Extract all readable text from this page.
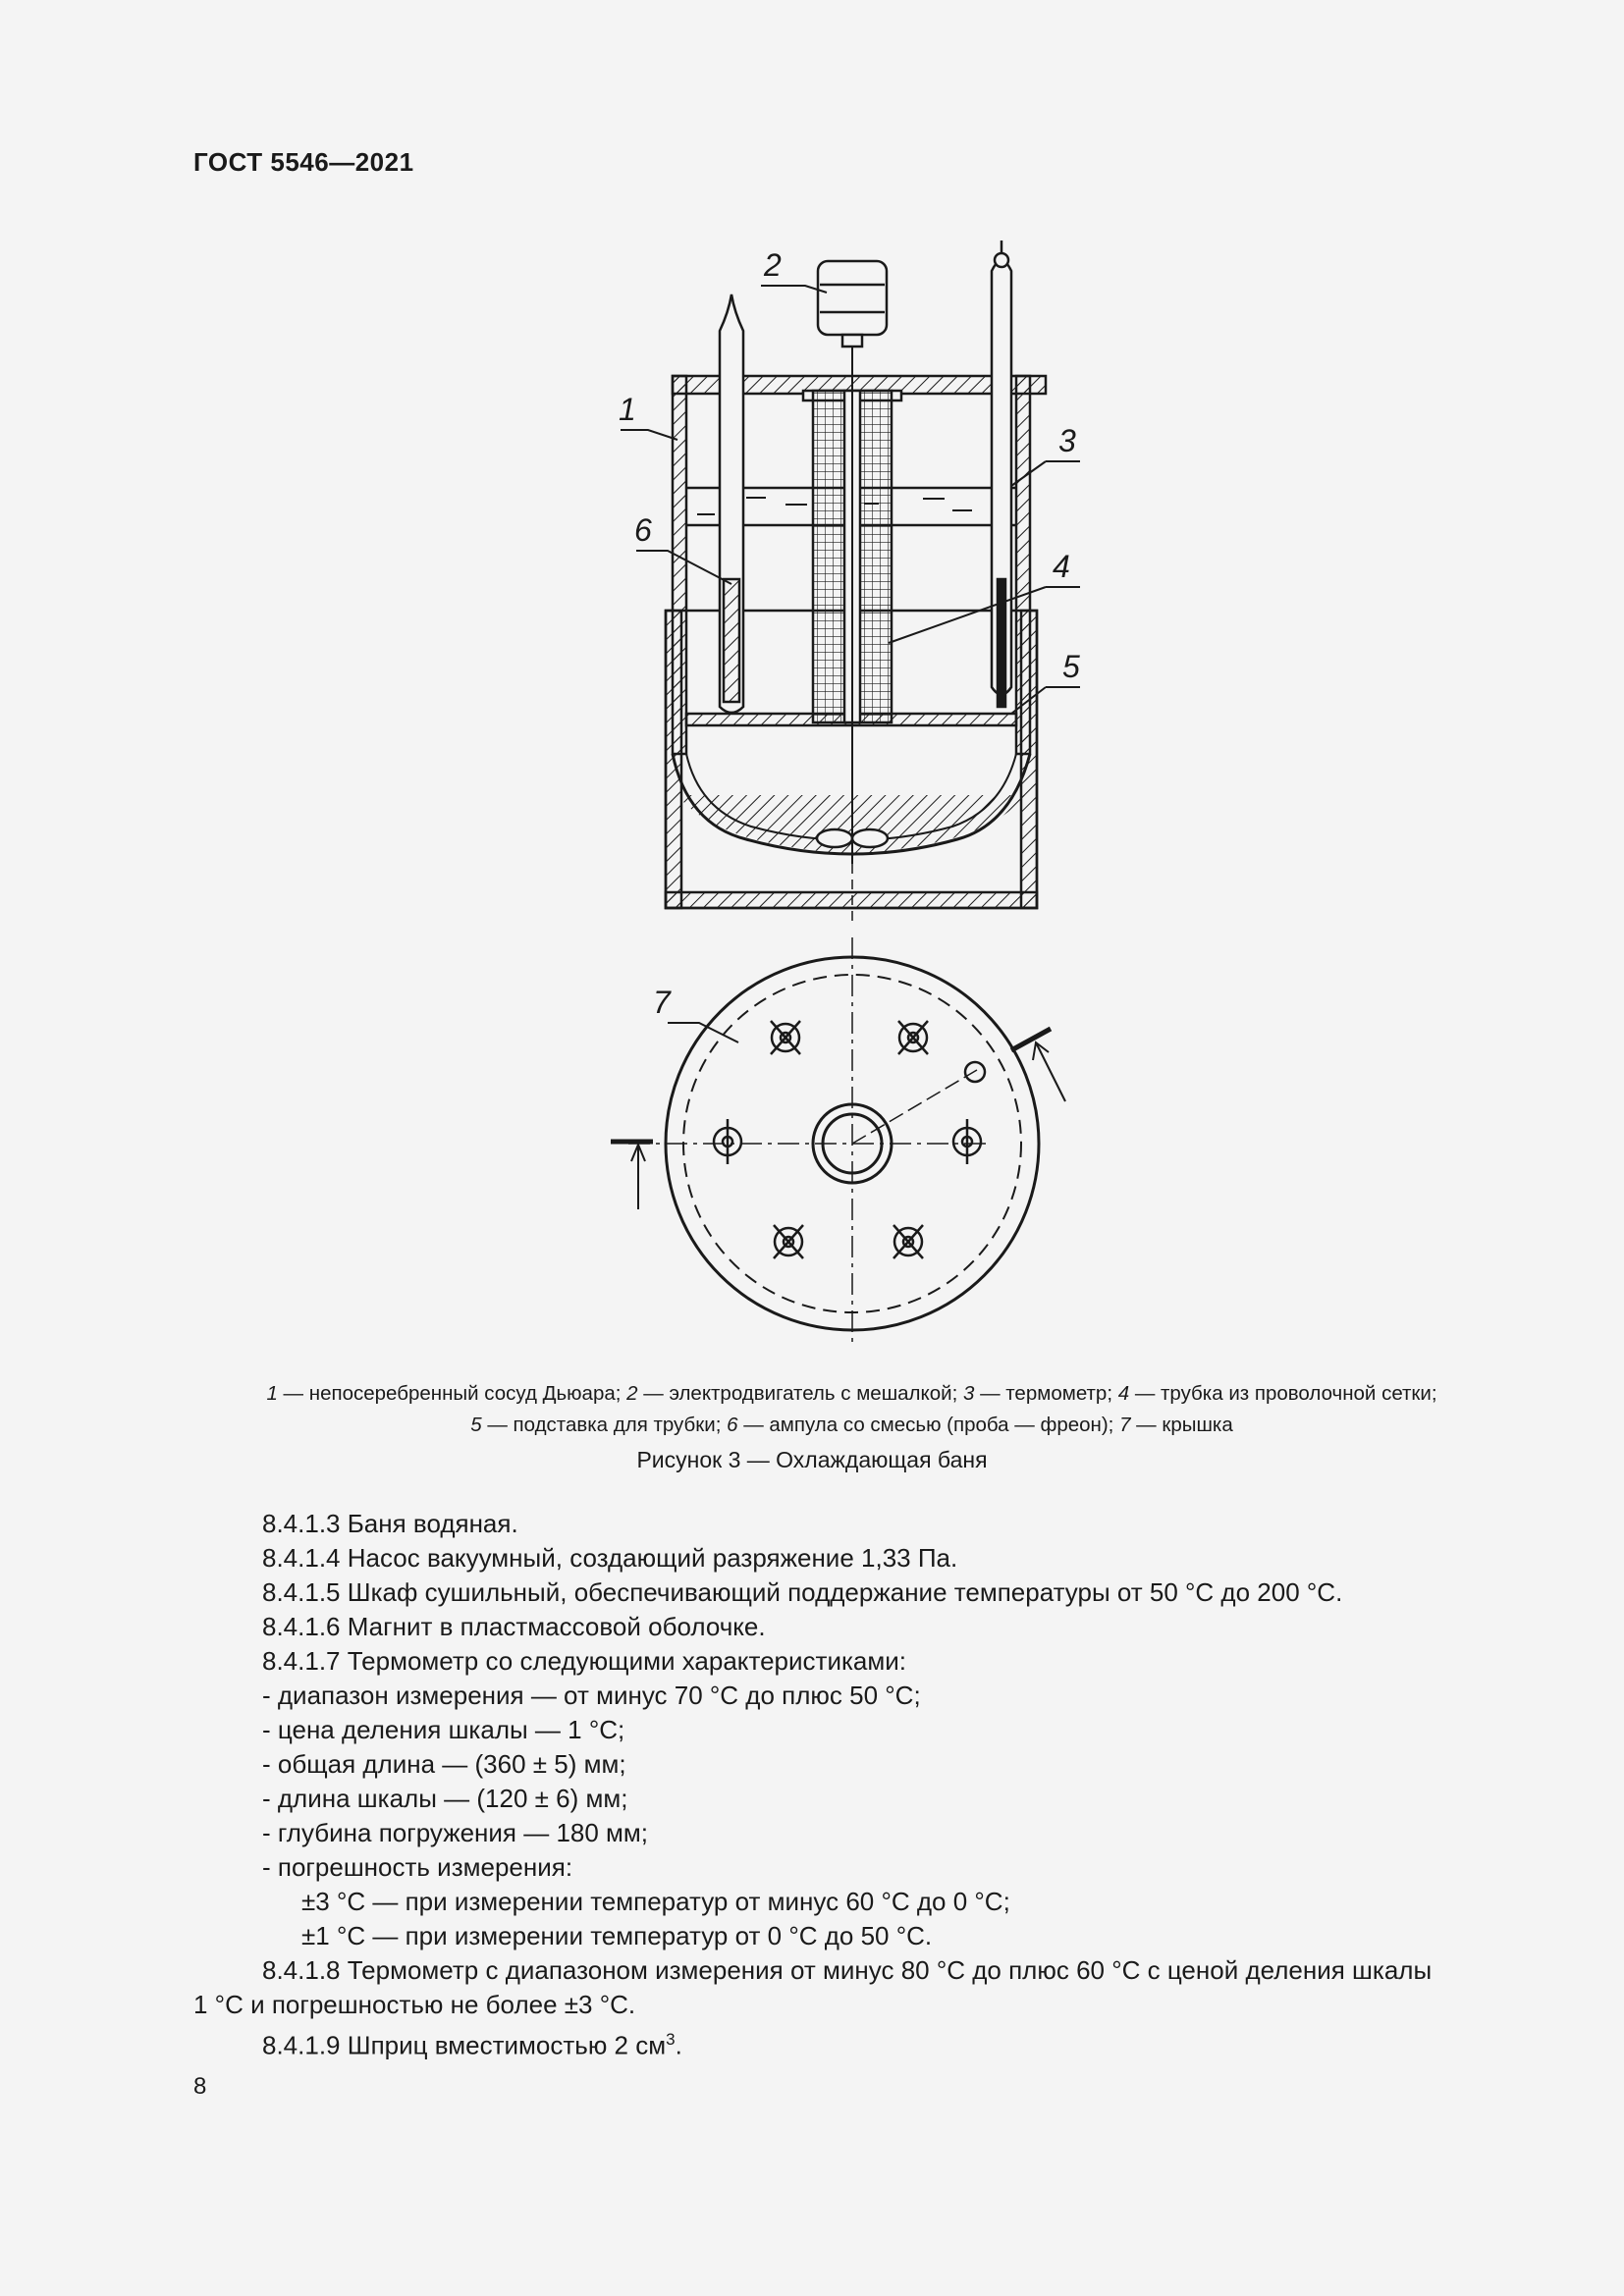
ГОСТ 5546—2021
1
2
3
4
5
6
7
1 — непосеребренный сосуд Дьюара; 2 — электродвигатель с мешалкой; 3 — термометр; 4 — трубка из проволочной сетки;
5 — подставка для трубки; 6 — ампула со смесью (проба — фреон); 7 — крышка
Рисунок 3 — Охлаждающая баня

8.4.1.3 Баня водяная.

8.4.1.4 Насос вакуумный, создающий разряжение 1,33 Па.

8.4.1.5 Шкаф сушильный, обеспечивающий поддержание температуры от 50 °С до 200 °С.

8.4.1.6 Магнит в пластмассовой оболочке.

8.4.1.7 Термометр со следующими характеристиками:

- диапазон измерения — от минус 70 °С до плюс 50 °С;

- цена деления шкалы — 1 °С;

- общая длина — (360 ± 5) мм;

- длина шкалы — (120 ± 6) мм;

- глубина погружения — 180 мм;

- погрешность измерения:

±3 °С — при измерении температур от минус 60 °С до 0 °С;

±1 °С — при измерении температур от 0 °С до 50 °С.

8.4.1.8 Термометр с диапазоном измерения от минус 80 °С до плюс 60 °С с ценой деления шкалы

1 °С и погрешностью не более ±3 °С.

8.4.1.9 Шприц вместимостью 2 $см^3$.

8
